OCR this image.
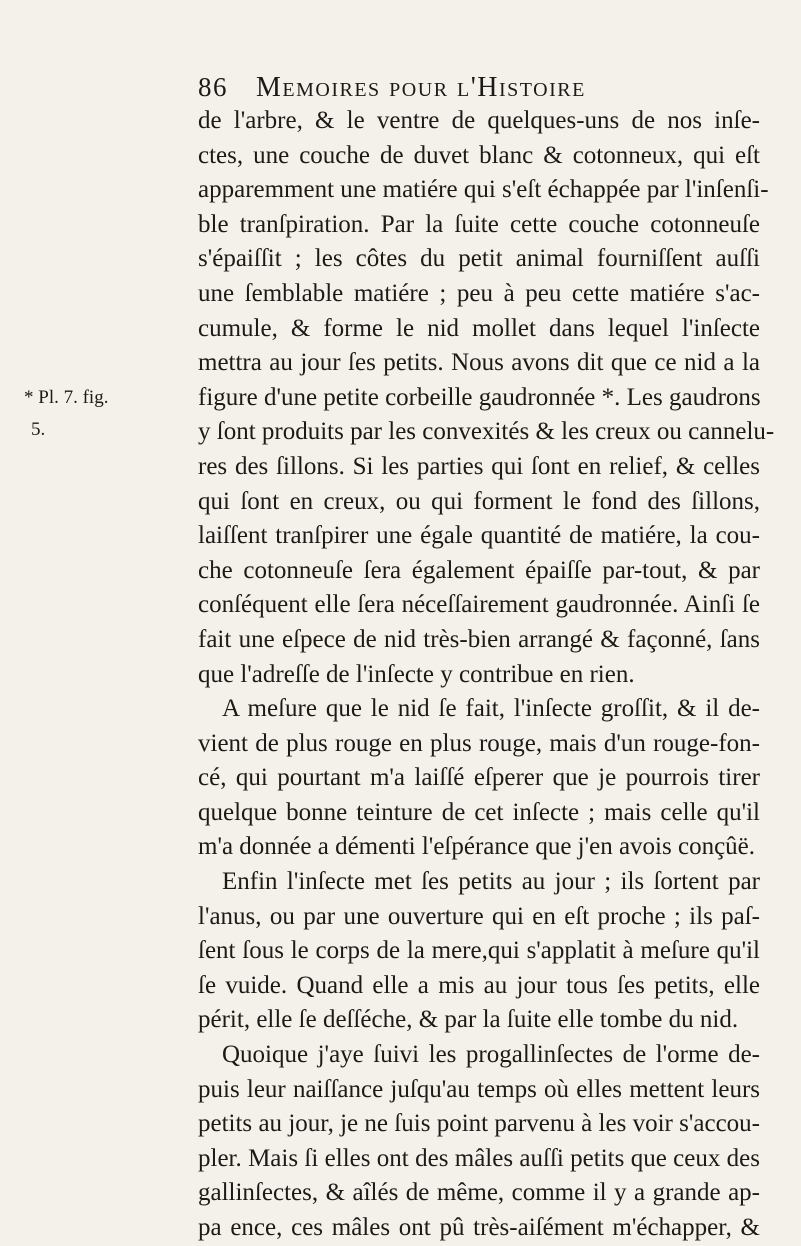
86 Memoires pour l'Histoire
* Pl. 7. fig.
5.
de l'arbre, & le ventre de quelques-uns de nos inſe-
ctes, une couche de duvet blanc & cotonneux, qui eſt
apparemment une matiére qui s'eſt échappée par l'inſenſi-
ble tranſpiration. Par la ſuite cette couche cotonneuſe
s'épaiſſit ; les côtes du petit animal fourniſſent auſſi
une ſemblable matiére ; peu à peu cette matiére s'ac-
cumule, & forme le nid mollet dans lequel l'inſecte
mettra au jour ſes petits. Nous avons dit que ce nid a la
figure d'une petite corbeille gaudronnée *. Les gaudrons
y ſont produits par les convexités & les creux ou cannelu-
res des ſillons. Si les parties qui ſont en relief, & celles
qui ſont en creux, ou qui forment le fond des ſillons,
laiſſent tranſpirer une égale quantité de matiére, la cou-
che cotonneuſe ſera également épaiſſe par-tout, & par
conſéquent elle ſera néceſſairement gaudronnée. Ainſi ſe
fait une eſpece de nid très-bien arrangé & façonné, ſans
que l'adreſſe de l'inſecte y contribue en rien.
A meſure que le nid ſe fait, l'inſecte groſſit, & il de-
vient de plus rouge en plus rouge, mais d'un rouge-fon-
cé, qui pourtant m'a laiſſé eſperer que je pourrois tirer
quelque bonne teinture de cet inſecte ; mais celle qu'il
m'a donnée a démenti l'eſpérance que j'en avois conçûë.
Enfin l'inſecte met ſes petits au jour ; ils ſortent par
l'anus, ou par une ouverture qui en eſt proche ; ils paſ-
ſent ſous le corps de la mere,qui s'applatit à meſure qu'il
ſe vuide. Quand elle a mis au jour tous ſes petits, elle
périt, elle ſe deſſéche, & par la ſuite elle tombe du nid.
Quoique j'aye ſuivi les progallinſectes de l'orme de-
puis leur naiſſance juſqu'au temps où elles mettent leurs
petits au jour, je ne ſuis point parvenu à les voir s'accou-
pler. Mais ſi elles ont des mâles auſſi petits que ceux des
gallinſectes, & aîlés de même, comme il y a grande ap-
pa ence, ces mâles ont pû très-aiſément m'échapper, &
